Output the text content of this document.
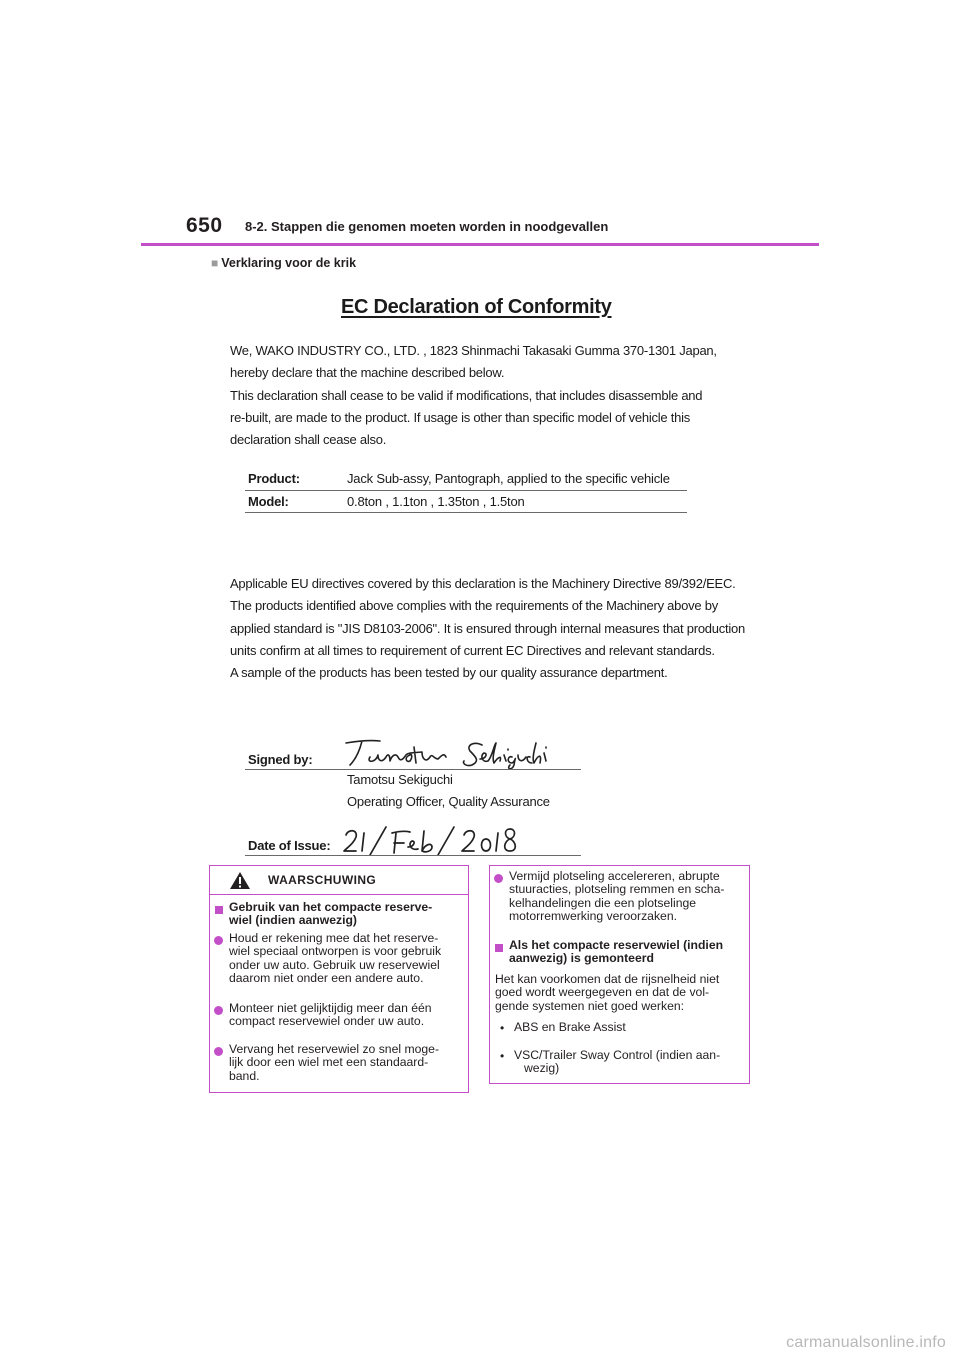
650 8-2. Stappen die genomen moeten worden in noodgevallen
■ Verklaring voor de krik
EC Declaration of Conformity
We, WAKO INDUSTRY CO., LTD. , 1823 Shinmachi Takasaki Gumma 370-1301 Japan,
hereby declare that the machine described below.
This declaration shall cease to be valid if modifications, that includes disassemble and
re-built, are made to the product. If usage is other than specific model of vehicle this
declaration shall cease also.
Product:	Jack Sub-assy, Pantograph, applied to the specific vehicle
Model:	0.8ton , 1.1ton , 1.35ton , 1.5ton
Applicable EU directives covered by this declaration is the Machinery Directive 89/392/EEC.
The products identified above complies with the requirements of the Machinery above by
applied standard is "JIS D8103-2006". It is ensured through internal measures that production
units confirm at all times to requirement of current EC Directives and relevant standards.
A sample of the products has been tested by our quality assurance department.
Signed by:
Tamotsu Sekiguchi
Operating Officer, Quality Assurance
Date of Issue:
WAARSCHUWING
Gebruik van het compacte reserve-
wiel (indien aanwezig)
Houd er rekening mee dat het reserve-
wiel speciaal ontworpen is voor gebruik
onder uw auto. Gebruik uw reservewiel
daarom niet onder een andere auto.
Monteer niet gelijktijdig meer dan één
compact reservewiel onder uw auto.
Vervang het reservewiel zo snel moge-
lijk door een wiel met een standaard-
band.
Vermijd plotseling accelereren, abrupte
stuuracties, plotseling remmen en scha-
kelhandelingen die een plotselinge
motorremwerking veroorzaken.
Als het compacte reservewiel (indien
aanwezig) is gemonteerd
Het kan voorkomen dat de rijsnelheid niet
goed wordt weergegeven en dat de vol-
gende systemen niet goed werken:
• ABS en Brake Assist
• VSC/Trailer Sway Control (indien aan-
wezig)
carmanualsonline.info
